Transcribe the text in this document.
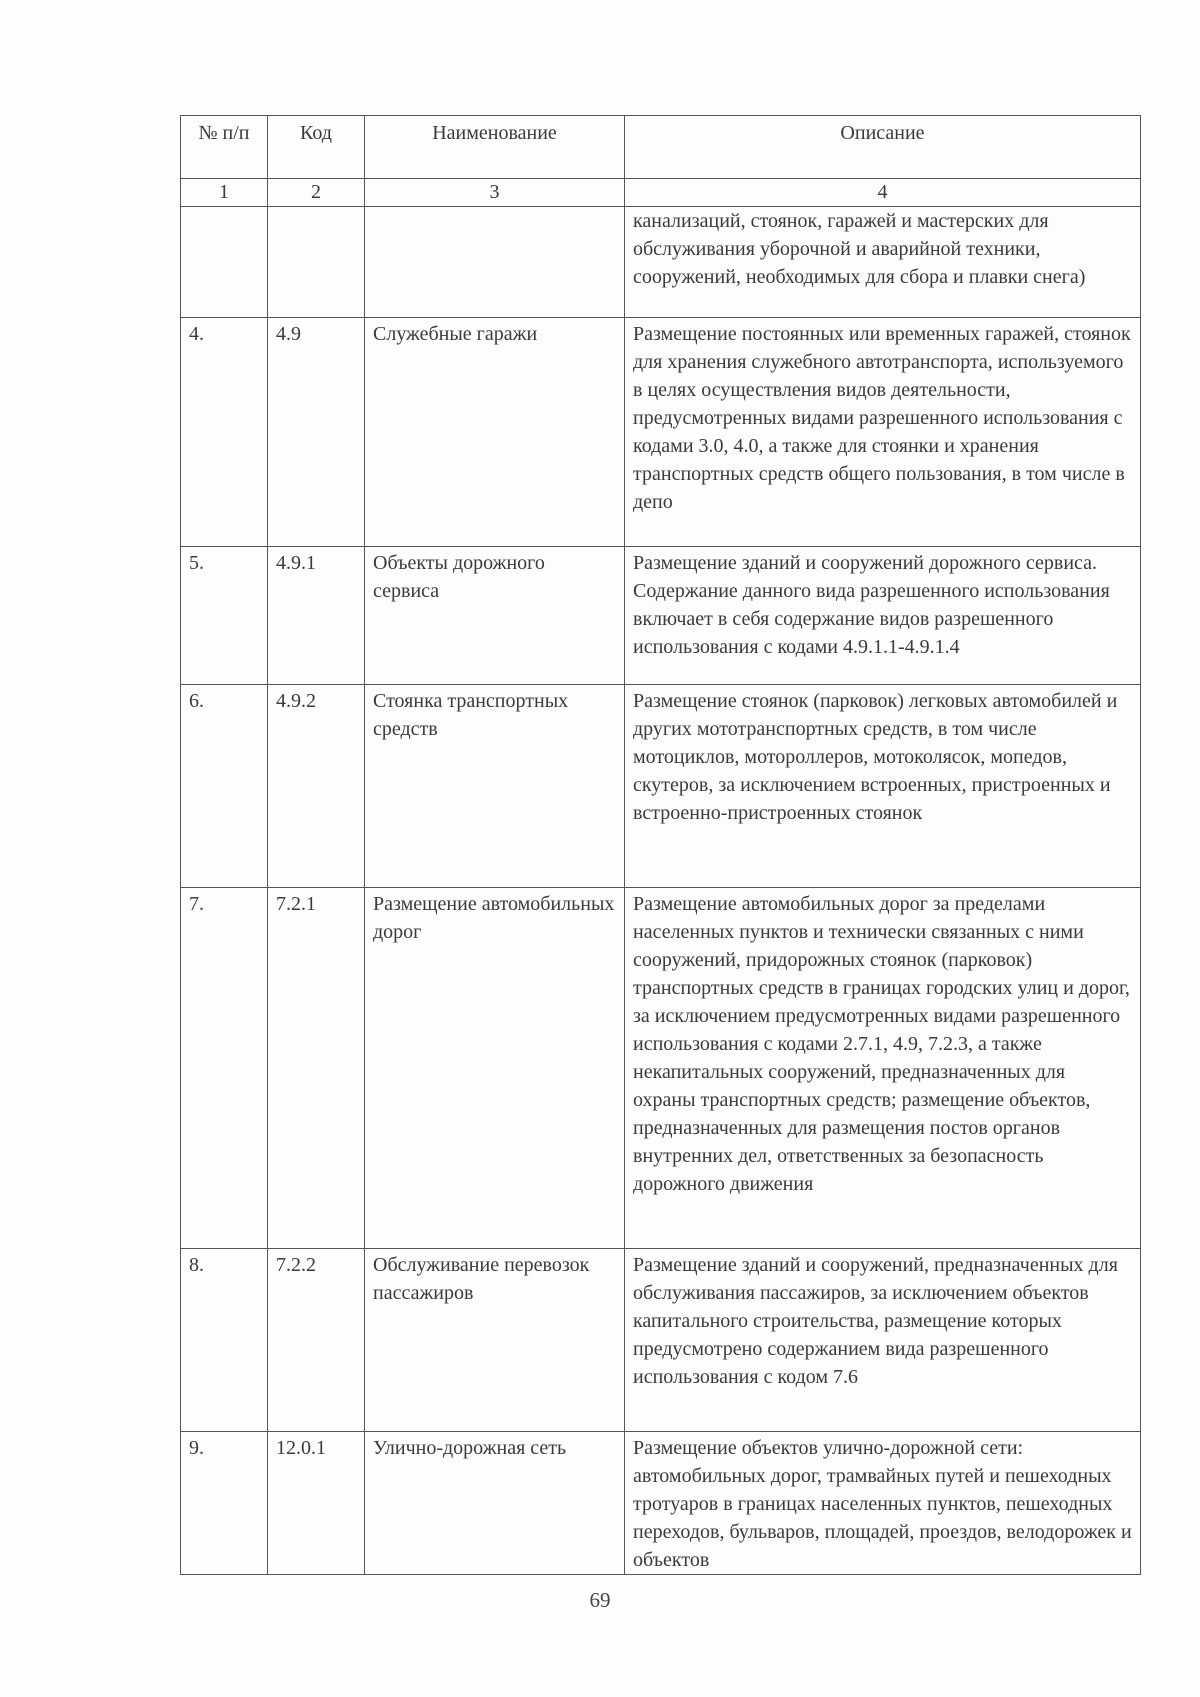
№ п/п	Код	Наименование	Описание
1	2	3	4
			канализаций, стоянок, гаражей и мастерских для обслуживания уборочной и аварийной техники, сооружений, необходимых для сбора и плавки снега)
4.	4.9	Служебные гаражи	Размещение постоянных или временных гаражей, стоянок для хранения служебного автотранспорта, используемого в целях осуществления видов деятельности, предусмотренных видами разрешенного использования с кодами 3.0, 4.0, а также для стоянки и хранения транспортных средств общего пользования, в том числе в депо
5.	4.9.1	Объекты дорожного сервиса	Размещение зданий и сооружений дорожного сервиса. Содержание данного вида разрешенного использования включает в себя содержание видов разрешенного использования с кодами 4.9.1.1-4.9.1.4
6.	4.9.2	Стоянка транспортных средств	Размещение стоянок (парковок) легковых автомобилей и других мототранспортных средств, в том числе мотоциклов, мотороллеров, мотоколясок, мопедов, скутеров, за исключением встроенных, пристроенных и встроенно-пристроенных стоянок
7.	7.2.1	Размещение автомобильных дорог	Размещение автомобильных дорог за пределами населенных пунктов и технически связанных с ними сооружений, придорожных стоянок (парковок) транспортных средств в границах городских улиц и дорог, за исключением предусмотренных видами разрешенного использования с кодами 2.7.1, 4.9, 7.2.3, а также некапитальных сооружений, предназначенных для охраны транспортных средств; размещение объектов, предназначенных для размещения постов органов внутренних дел, ответственных за безопасность дорожного движения
8.	7.2.2	Обслуживание перевозок пассажиров	Размещение зданий и сооружений, предназначенных для обслуживания пассажиров, за исключением объектов капитального строительства, размещение которых предусмотрено содержанием вида разрешенного использования с кодом 7.6
9.	12.0.1	Улично-дорожная сеть	Размещение объектов улично-дорожной сети: автомобильных дорог, трамвайных путей и пешеходных тротуаров в границах населенных пунктов, пешеходных переходов, бульваров, площадей, проездов, велодорожек и объектов
69
